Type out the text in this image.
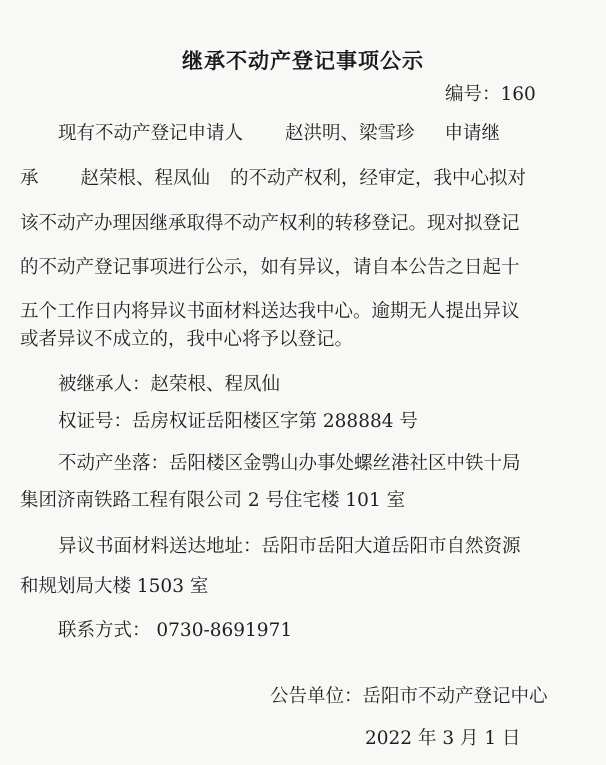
继承不动产登记事项公示
编号：160
现有不动产登记申请人 赵洪明、梁雪珍 申请继
承 赵荣根、程凤仙 的不动产权利，经审定，我中心拟对
该不动产办理因继承取得不动产权利的转移登记。现对拟登记
的不动产登记事项进行公示，如有异议，请自本公告之日起十
五个工作日内将异议书面材料送达我中心。逾期无人提出异议
或者异议不成立的，我中心将予以登记。
被继承人：赵荣根、程凤仙
权证号：岳房权证岳阳楼区字第 288884 号
不动产坐落：岳阳楼区金鹗山办事处螺丝港社区中铁十局
集团济南铁路工程有限公司 2 号住宅楼 101 室
异议书面材料送达地址：岳阳市岳阳大道岳阳市自然资源
和规划局大楼 1503 室
联系方式： 0730-8691971
公告单位：岳阳市不动产登记中心
2022 年 3 月 1 日
